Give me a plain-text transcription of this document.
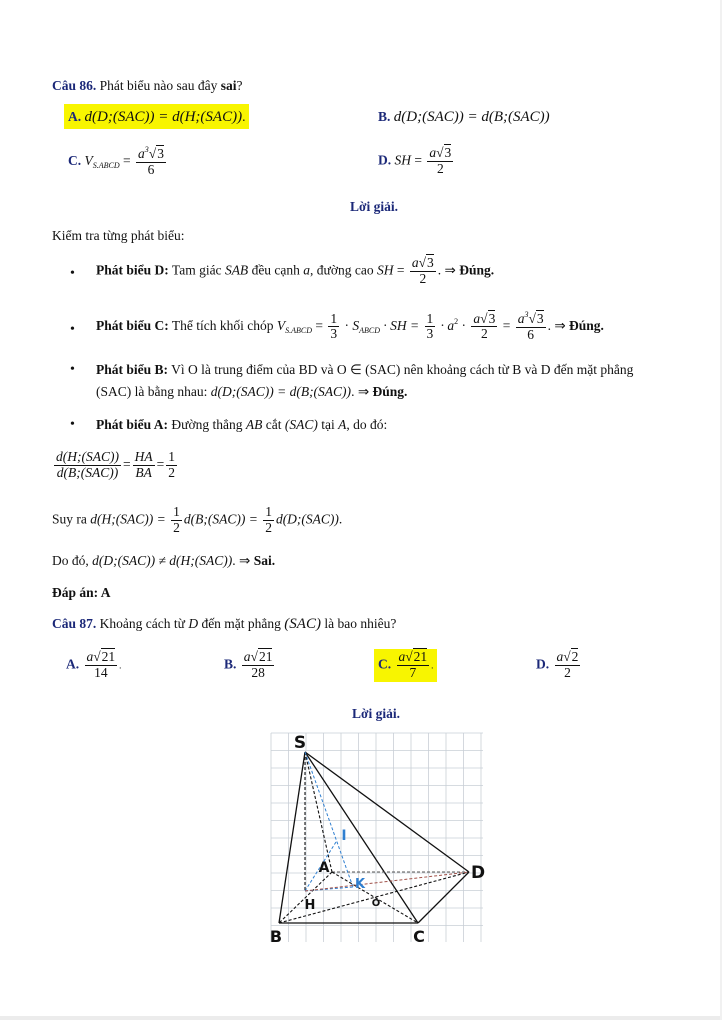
Câu 86. Phát biểu nào sau đây sai?
A. d(D;(SAC)) = d(H;(SAC)).	B. d(D;(SAC)) = d(B;(SAC))
C. $V_{S.ABCD} = \frac{a^3√3}{6}$	D. SH = $\frac{a√3}{2}$
Lời giải.
Kiểm tra từng phát biểu:
• Phát biểu D: Tam giác SAB đều cạnh a, đường cao SH = $\frac{a√3}{2}$ . ⇒ Đúng.
• Phát biểu C: Thể tích khối chóp $V_{S.ABCD} = \frac{1}{3} \cdot S_{ABCD}$ · SH = $\frac{1}{3} \cdot a^2 \cdot \frac{a√3}{2} = \frac{a^3√3}{6}$ . ⇒ Đúng.
• Phát biểu B: Vì O là trung điểm của BD và O ∈ (SAC) nên khoảng cách từ B và D đến mặt phẳng
(SAC) là bằng nhau: d(D;(SAC)) = d(B;(SAC)). ⇒ Đúng.
• Phát biểu A: Đường thẳng AB cắt (SAC) tại A, do đó:
$\frac{\text{d(H;(SAC))}}{\text{d(B;(SAC))}} = \frac{HA}{BA} = \frac{1}{2}$
Suy ra d(H;(SAC)) = $\frac{1}{2}$ d(B;(SAC)) = $\frac{1}{2}$ d(D;(SAC)).
Do đó, d(D;(SAC)) ≠ d(H;(SAC)). ⇒ Sai.
Đáp án: A
Câu 87. Khoảng cách từ D đến mặt phẳng (SAC) là bao nhiêu?
A. $\frac{a√21}{14}$ .	B. $\frac{a√21}{28}$	C. $\frac{a√21}{7}$ .	D. $\frac{a√2}{2}$
Lời giải.
S
A
B	C
D
H	O
I
K
